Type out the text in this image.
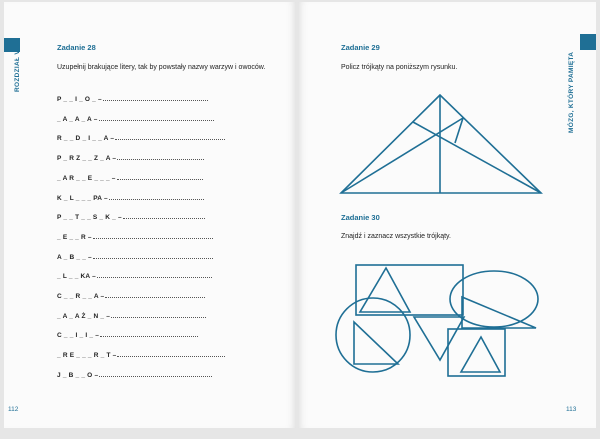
ROZDZIAŁ V
Zadanie 28
Uzupełnij brakujące litery, tak by powstały nazwy warzyw i owoców.
P _ _ I _ O _ –
_ A _ A _ A –
R _ _ D _ I _ _ A –
P _ R Z _ _ Z _ A –
_ A R _ _ E _ _ _ –
K _ L _ _ _ PA –
P _ _ T _ _ S _ K _ –
_ E _ _ R –
A _ B _ _ –
_ L _ _ KA –
C _ _ R _ _ A –
_ A _ A Ż _ N _ –
C _ _ I _ I _ –
_ R E _ _ _ R _ T –
J _ B _ _ O –
112
MÓZG, KTÓRY PAMIĘTA
Zadanie 29
Policz trójkąty na poniższym rysunku.
Zadanie 30
Znajdź i zaznacz wszystkie trójkąty.
113
